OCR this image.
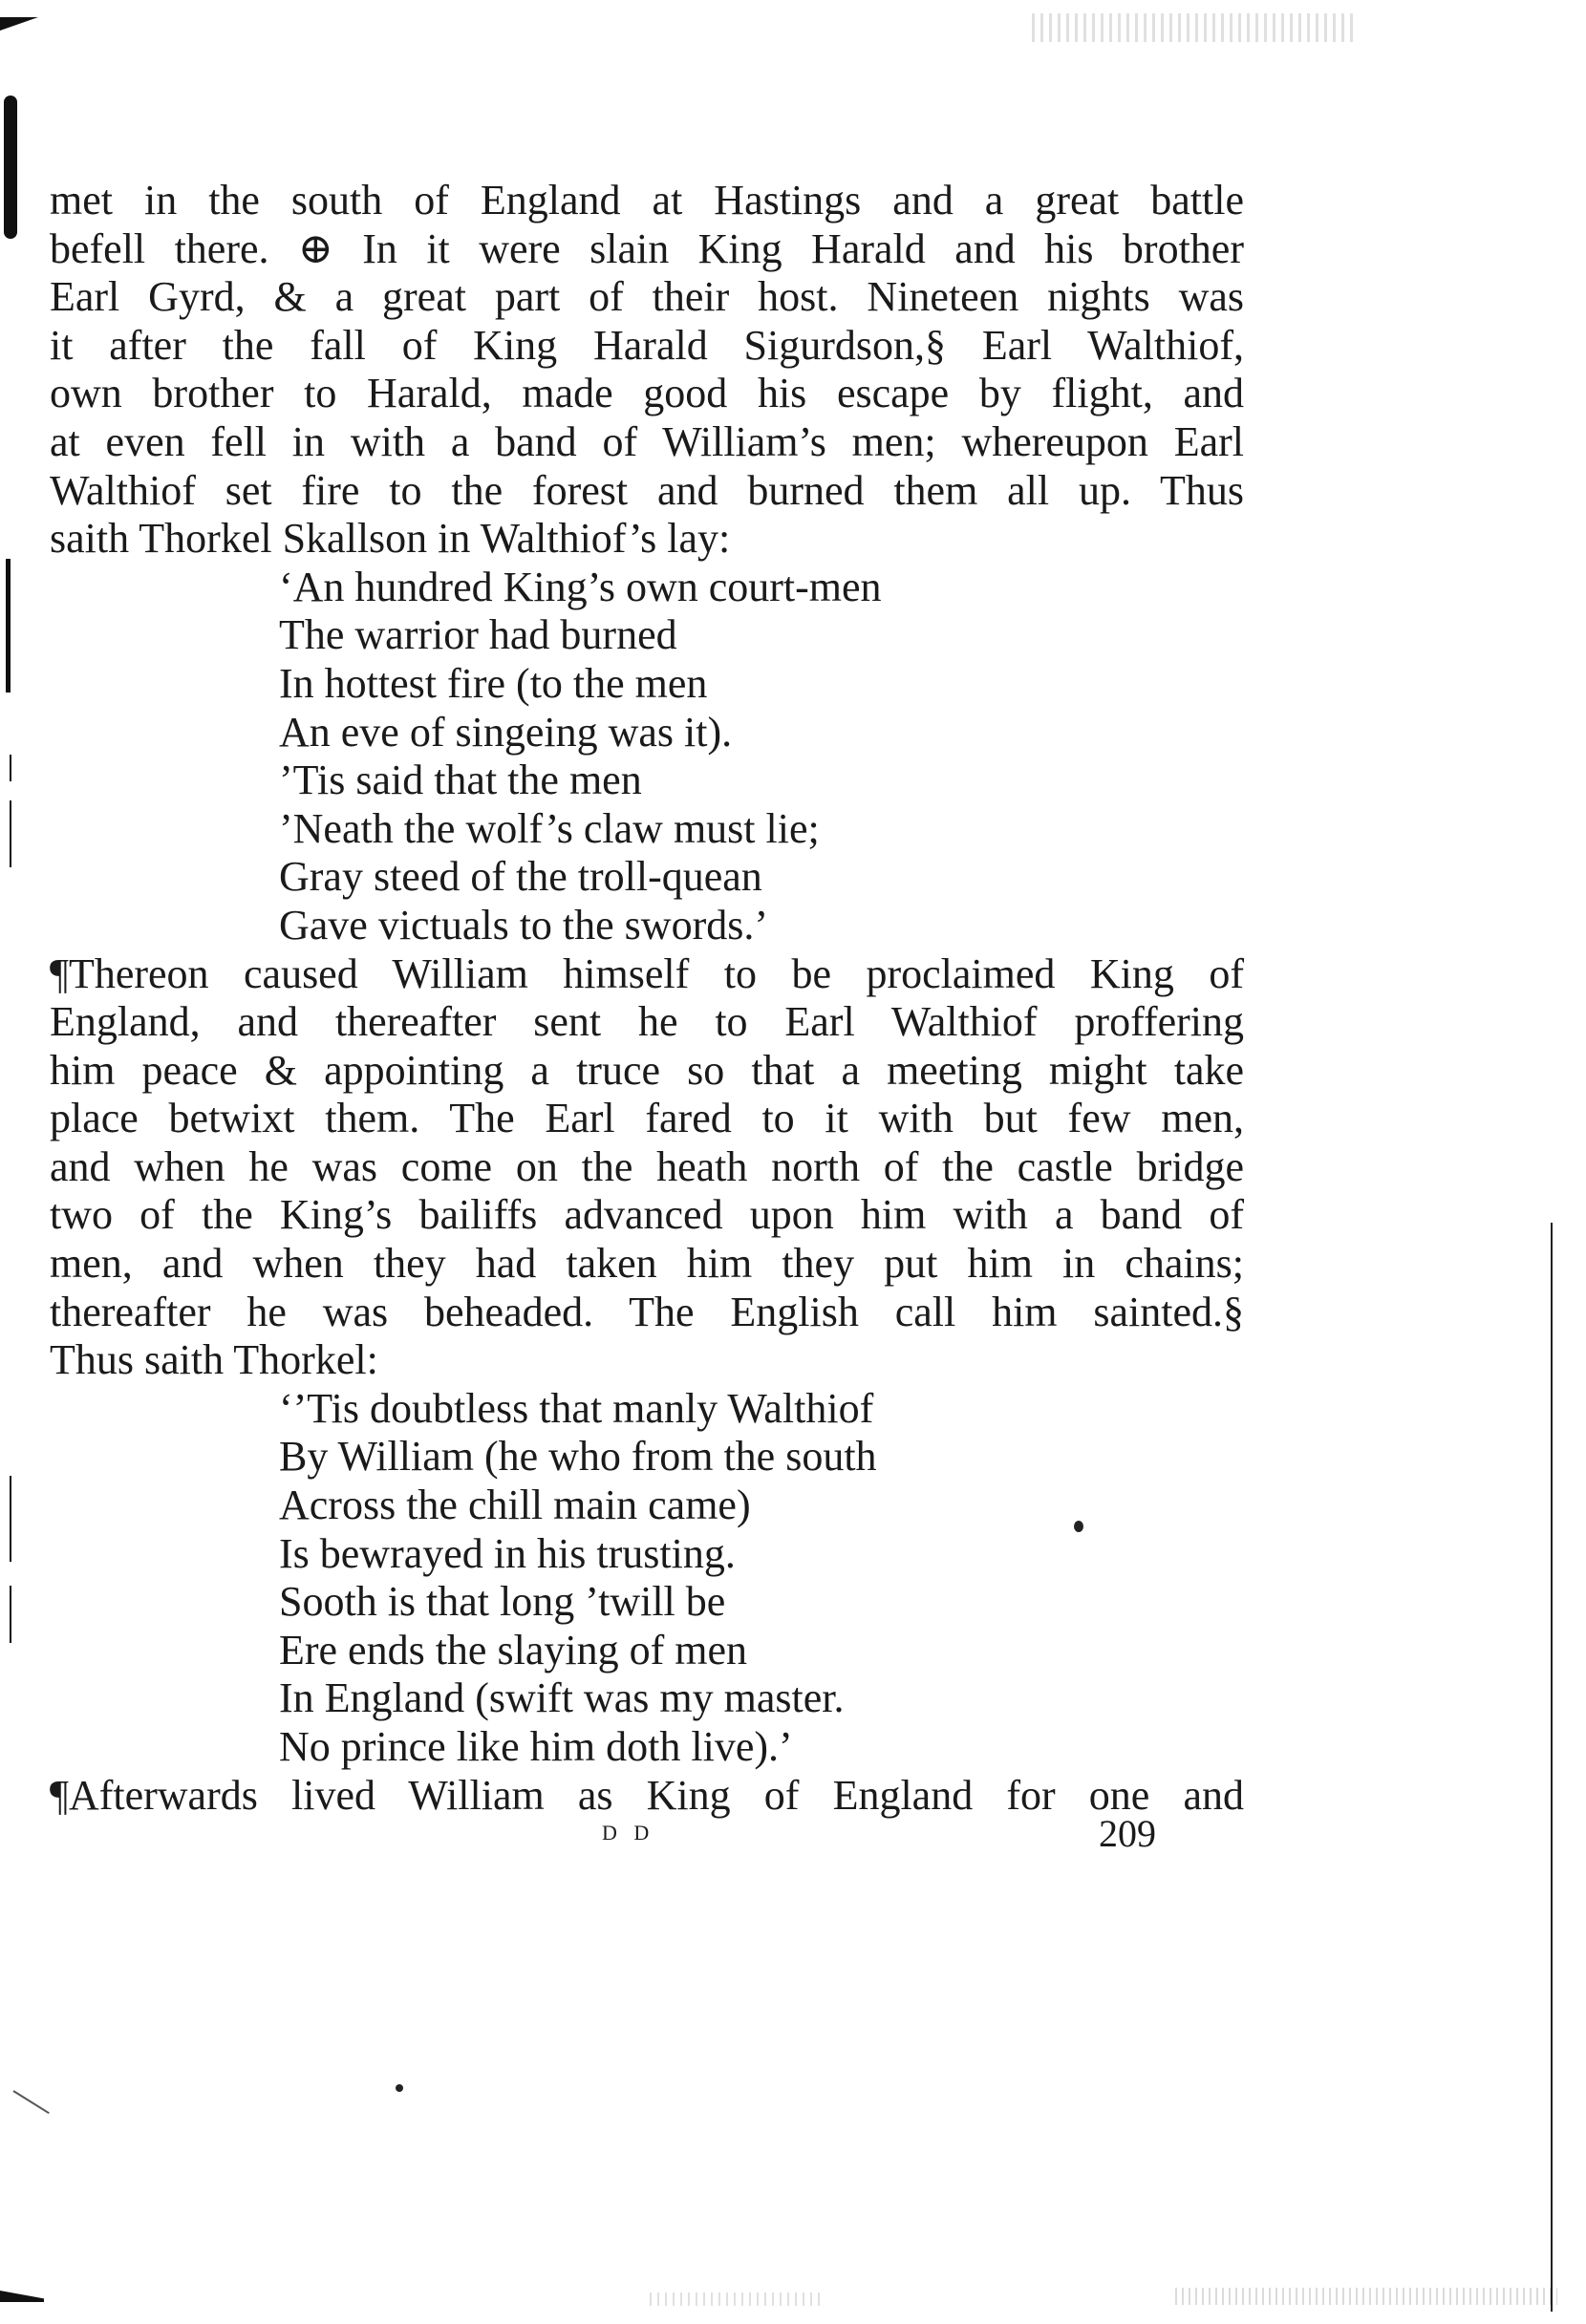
met in the south of England at Hastings and a great battle
befell there. ⊕ In it were slain King Harald and his brother
Earl Gyrd, & a great part of their host. Nineteen nights was
it after the fall of King Harald Sigurdson,§ Earl Walthiof,
own brother to Harald, made good his escape by flight, and
at even fell in with a band of William’s men; whereupon Earl
Walthiof set fire to the forest and burned them all up. Thus
saith Thorkel Skallson in Walthiof’s lay:
‘An hundred King’s own court-men
The warrior had burned
In hottest fire (to the men
An eve of singeing was it).
’Tis said that the men
’Neath the wolf’s claw must lie;
Gray steed of the troll-quean
Gave victuals to the swords.’
¶Thereon caused William himself to be proclaimed King of
England, and thereafter sent he to Earl Walthiof proffering
him peace & appointing a truce so that a meeting might take
place betwixt them. The Earl fared to it with but few men,
and when he was come on the heath north of the castle bridge
two of the King’s bailiffs advanced upon him with a band of
men, and when they had taken him they put him in chains;
thereafter he was beheaded. The English call him sainted.§
Thus saith Thorkel:
‘’Tis doubtless that manly Walthiof
By William (he who from the south
Across the chill main came)
Is bewrayed in his trusting.
Sooth is that long ’twill be
Ere ends the slaying of men
In England (swift was my master.
No prince like him doth live).’
¶Afterwards lived William as King of England for one and
D D	209
